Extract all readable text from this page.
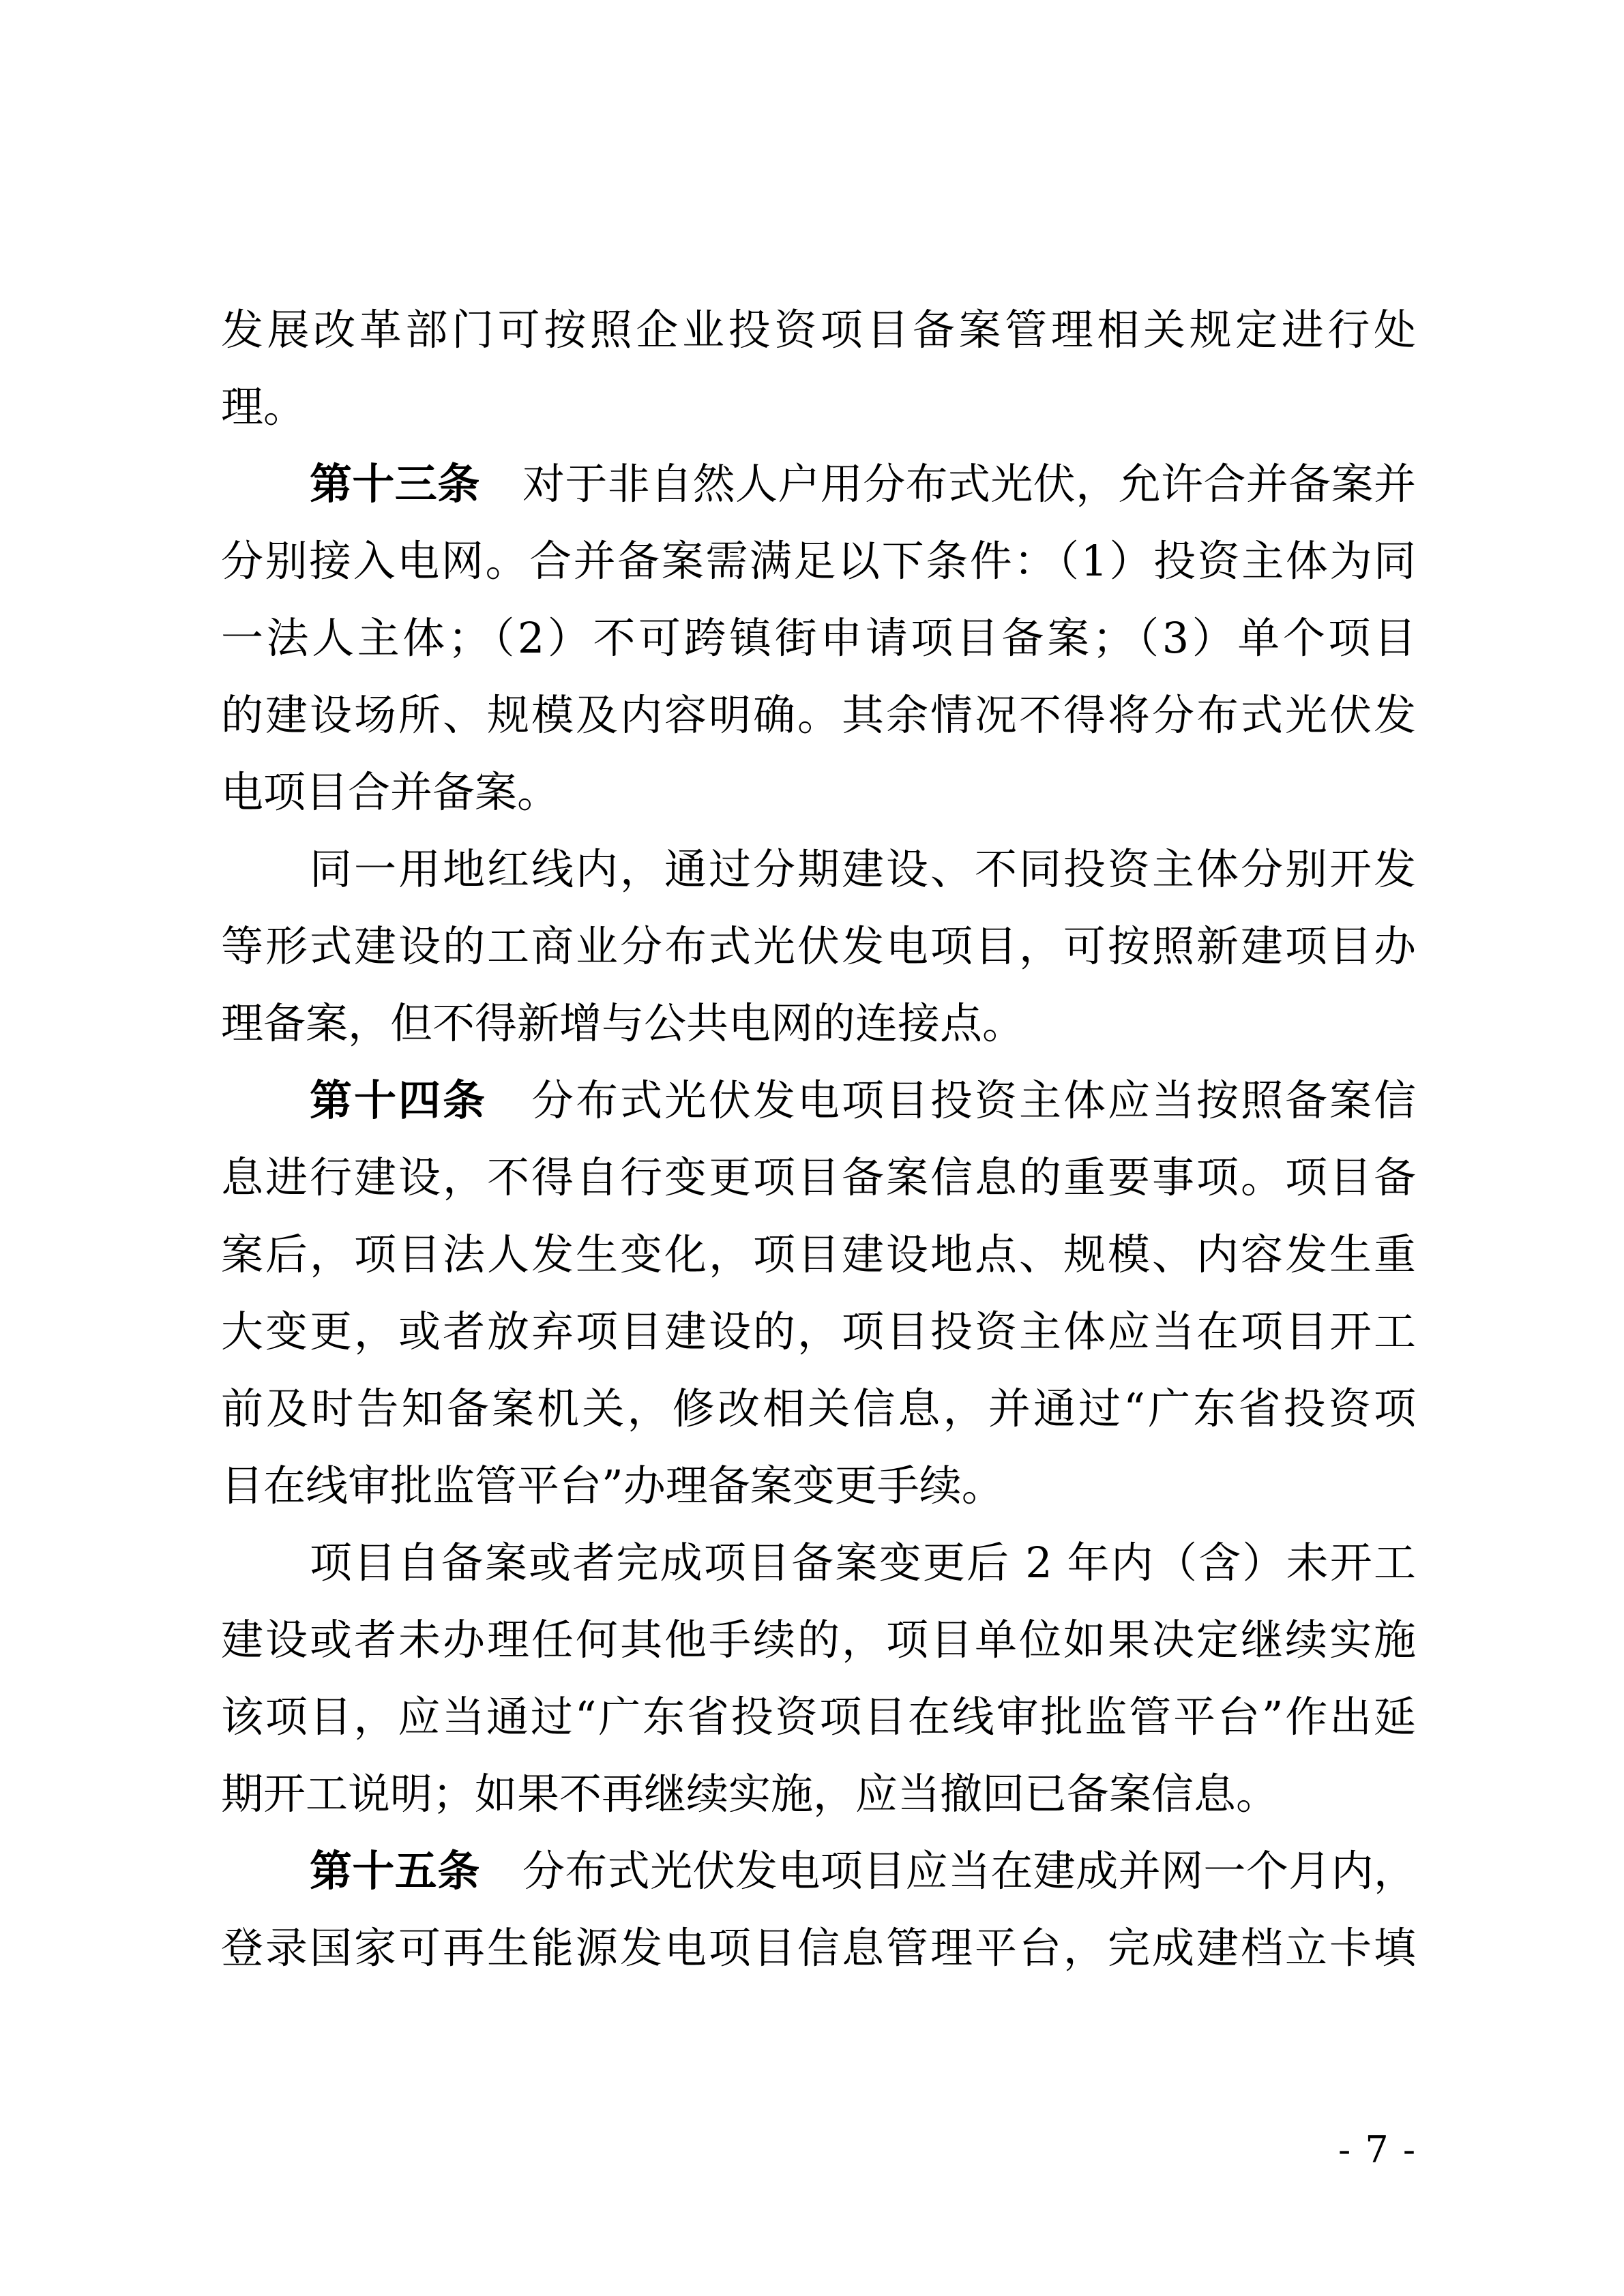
发展改革部门可按照企业投资项目备案管理相关规定进行处
理。
第十三条　对于非自然人户用分布式光伏，允许合并备案并
分别接入电网。合并备案需满足以下条件：（1）投资主体为同
一法人主体；（2）不可跨镇街申请项目备案；（3）单个项目
的建设场所、规模及内容明确。其余情况不得将分布式光伏发
电项目合并备案。
同一用地红线内，通过分期建设、不同投资主体分别开发
等形式建设的工商业分布式光伏发电项目，可按照新建项目办
理备案，但不得新增与公共电网的连接点。
第十四条　分布式光伏发电项目投资主体应当按照备案信
息进行建设，不得自行变更项目备案信息的重要事项。项目备
案后，项目法人发生变化，项目建设地点、规模、内容发生重
大变更，或者放弃项目建设的，项目投资主体应当在项目开工
前及时告知备案机关，修改相关信息，并通过“广东省投资项
目在线审批监管平台”办理备案变更手续。
项目自备案或者完成项目备案变更后 2 年内（含）未开工
建设或者未办理任何其他手续的，项目单位如果决定继续实施
该项目，应当通过“广东省投资项目在线审批监管平台”作出延
期开工说明；如果不再继续实施，应当撤回已备案信息。
第十五条　分布式光伏发电项目应当在建成并网一个月内，
登录国家可再生能源发电项目信息管理平台，完成建档立卡填
- 7 -
